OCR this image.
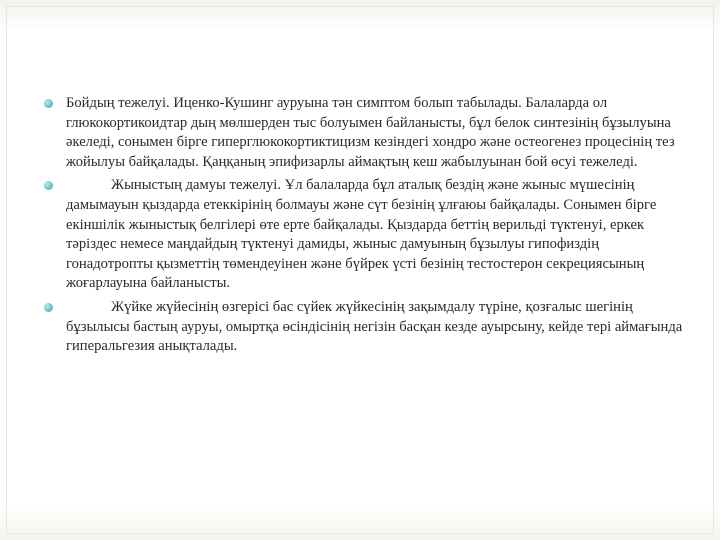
Бойдың тежелуі. Иценко-Кушинг ауруына тән симптом болып табылады. Балаларда ол глюкокортикоидтар дың мөлшерден тыс болуымен байланысты, бұл белок синтезінің бұзылуына әкеледі, сонымен бірге гиперглюкокортиктицизм кезіндегі хондро және остеогенез процесінің тез жойылуы байқалады. Қаңқаның эпифизарлы аймақтың кеш жабылуынан бой өсуі тежеледі.
Жыныстың дамуы тежелуі. Ұл балаларда бұл аталық бездің және жыныс мүшесінің дамымауын қыздарда етеккірінің болмауы және сүт безінің ұлғаюы байқалады. Сонымен бірге екіншілік жыныстық белгілері өте ерте байқалады. Қыздарда беттің верильді түктенуі, еркек тәріздес немесе маңдайдың түктенуі дамиды, жыныс дамуының бұзылуы гипофиздің гонадотропты қызметтің төмендеуінен және бүйрек үсті безінің тестостерон секрециясының жоғарлауына байланысты.
Жүйке жүйесінің өзгерісі бас сүйек жүйкесінің зақымдалу түріне, қозғалыс шегінің бұзылысы бастың ауруы, омыртқа өсіндісінің негізін басқан кезде ауырсыну, кейде тері аймағында гиперальгезия анықталады.
